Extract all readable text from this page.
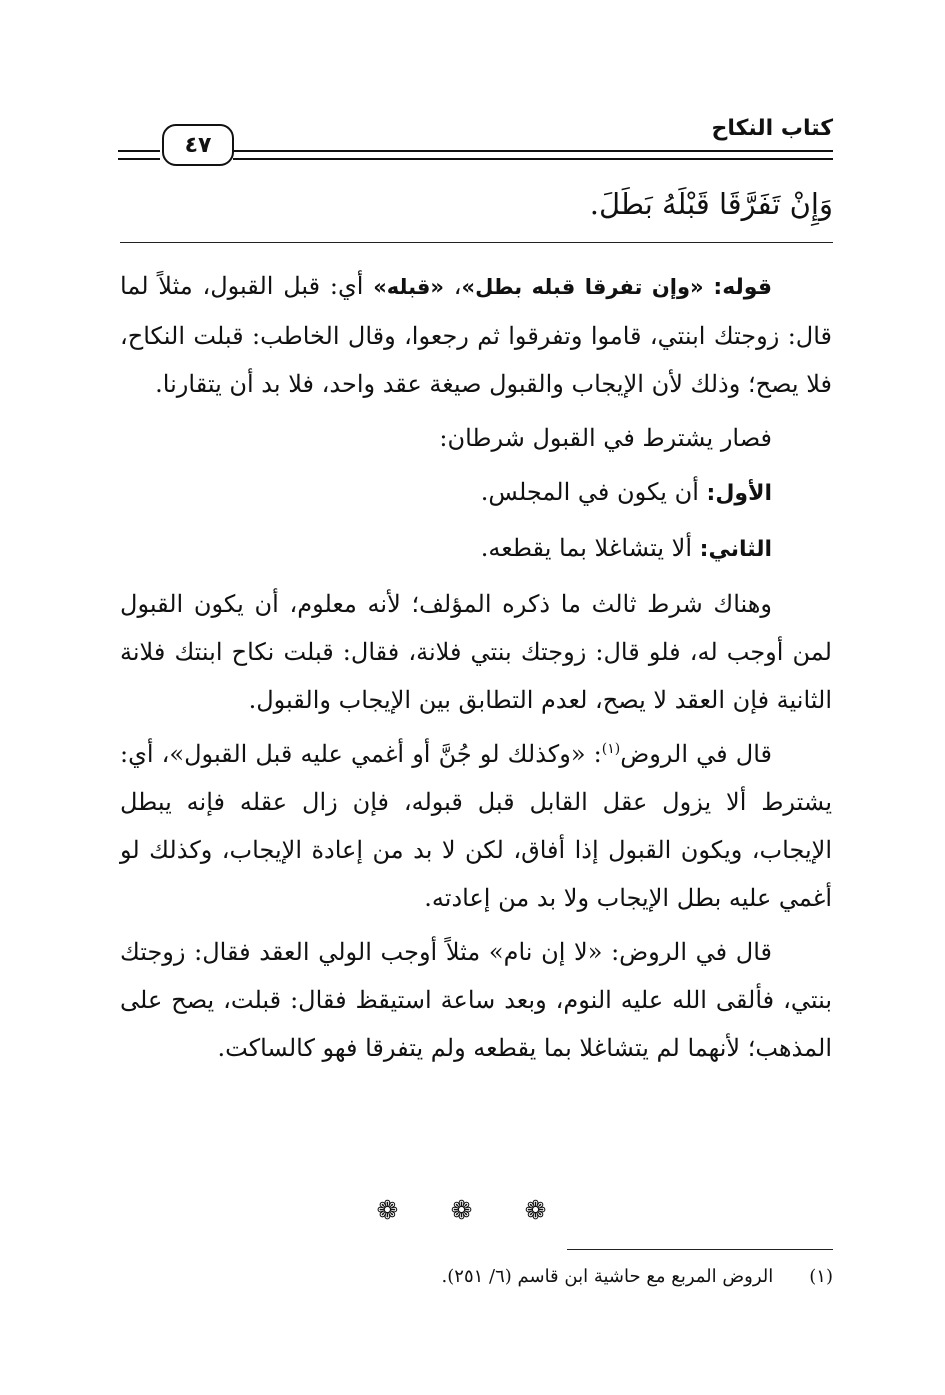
كتاب النكاح
٤٧
وَإِنْ تَفَرَّقَا قَبْلَهُ بَطَلَ.

قوله: «وإن تفرقا قبله بطل»، «قبله» أي: قبل القبول، مثلاً لما قال: زوجتك ابنتي، قاموا وتفرقوا ثم رجعوا، وقال الخاطب: قبلت النكاح، فلا يصح؛ وذلك لأن الإيجاب والقبول صيغة عقد واحد، فلا بد أن يتقارنا.

فصار يشترط في القبول شرطان:

الأول: أن يكون في المجلس.

الثاني: ألا يتشاغلا بما يقطعه.

وهناك شرط ثالث ما ذكره المؤلف؛ لأنه معلوم، أن يكون القبول لمن أوجب له، فلو قال: زوجتك بنتي فلانة، فقال: قبلت نكاح ابنتك فلانة الثانية فإن العقد لا يصح، لعدم التطابق بين الإيجاب والقبول.

قال في الروض$^{(١)}$: «وكذلك لو جُنَّ أو أغمي عليه قبل القبول»، أي: يشترط ألا يزول عقل القابل قبل قبوله، فإن زال عقله فإنه يبطل الإيجاب، ويكون القبول إذا أفاق، لكن لا بد من إعادة الإيجاب، وكذلك لو أغمي عليه بطل الإيجاب ولا بد من إعادته.

قال في الروض: «لا إن نام» مثلاً أوجب الولي العقد فقال: زوجتك بنتي، فألقى الله عليه النوم، وبعد ساعة استيقظ فقال: قبلت، يصح على المذهب؛ لأنهما لم يتشاغلا بما يقطعه ولم يتفرقا فهو كالساكت.

❁ ❁ ❁
(١)الروض المربع مع حاشية ابن قاسم (٦/ ٢٥١).
